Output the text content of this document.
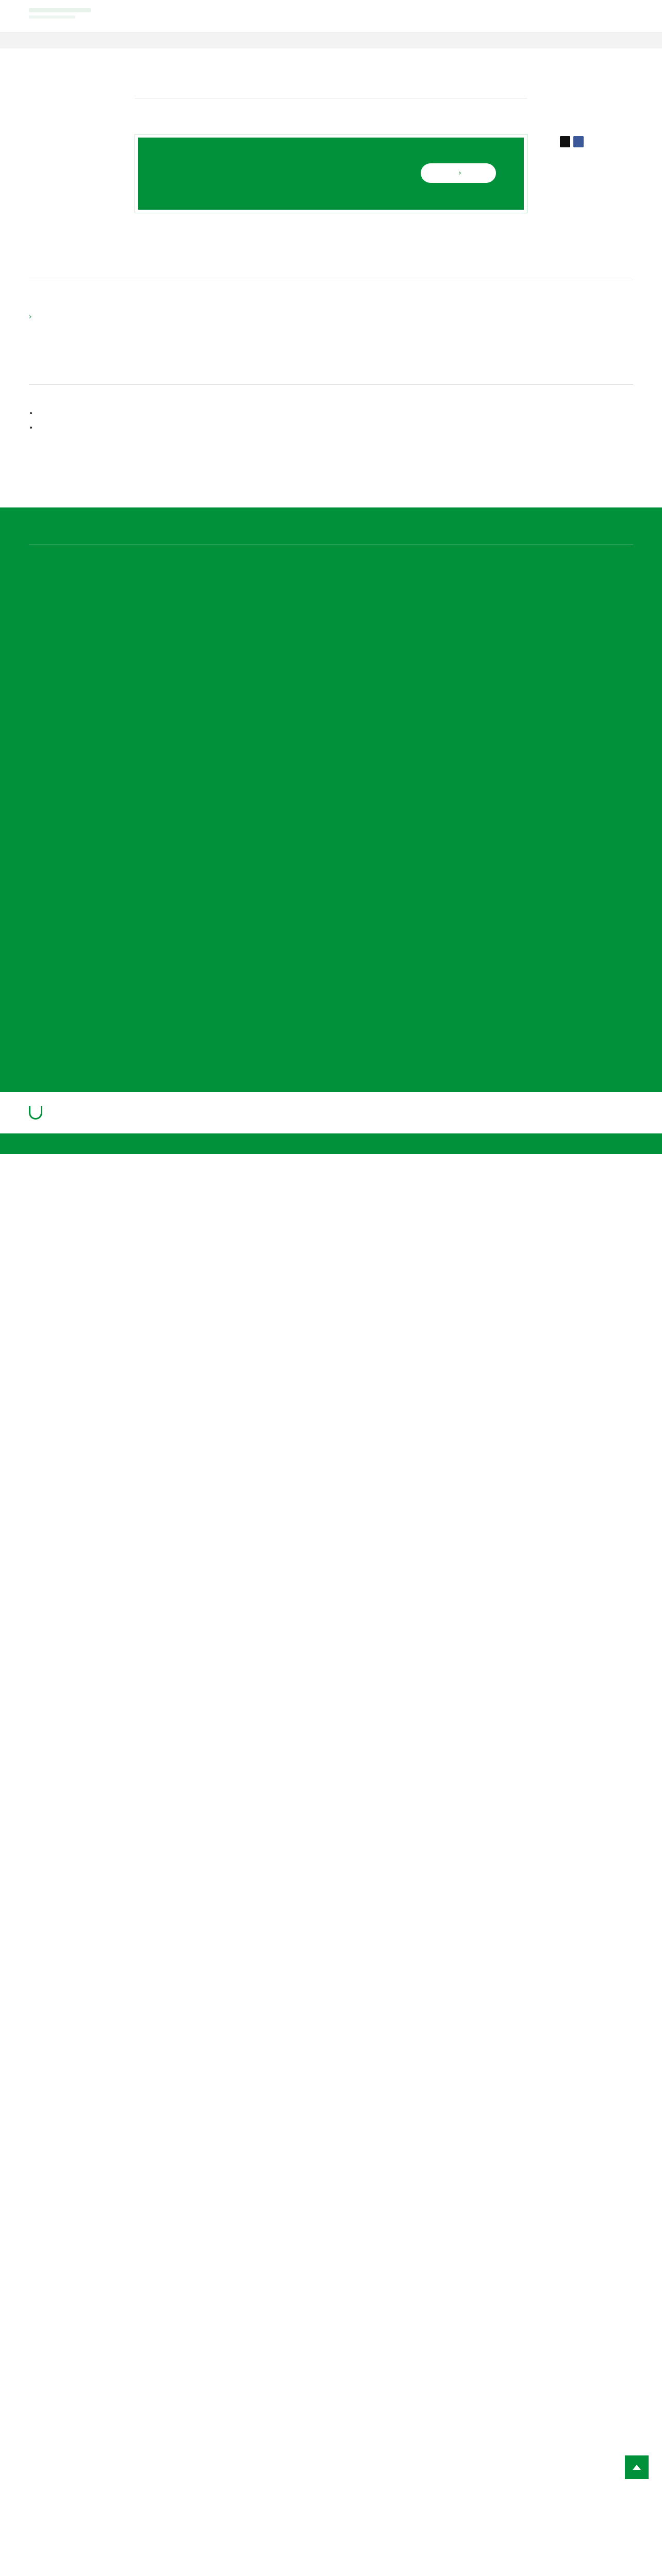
›

›
•
•
